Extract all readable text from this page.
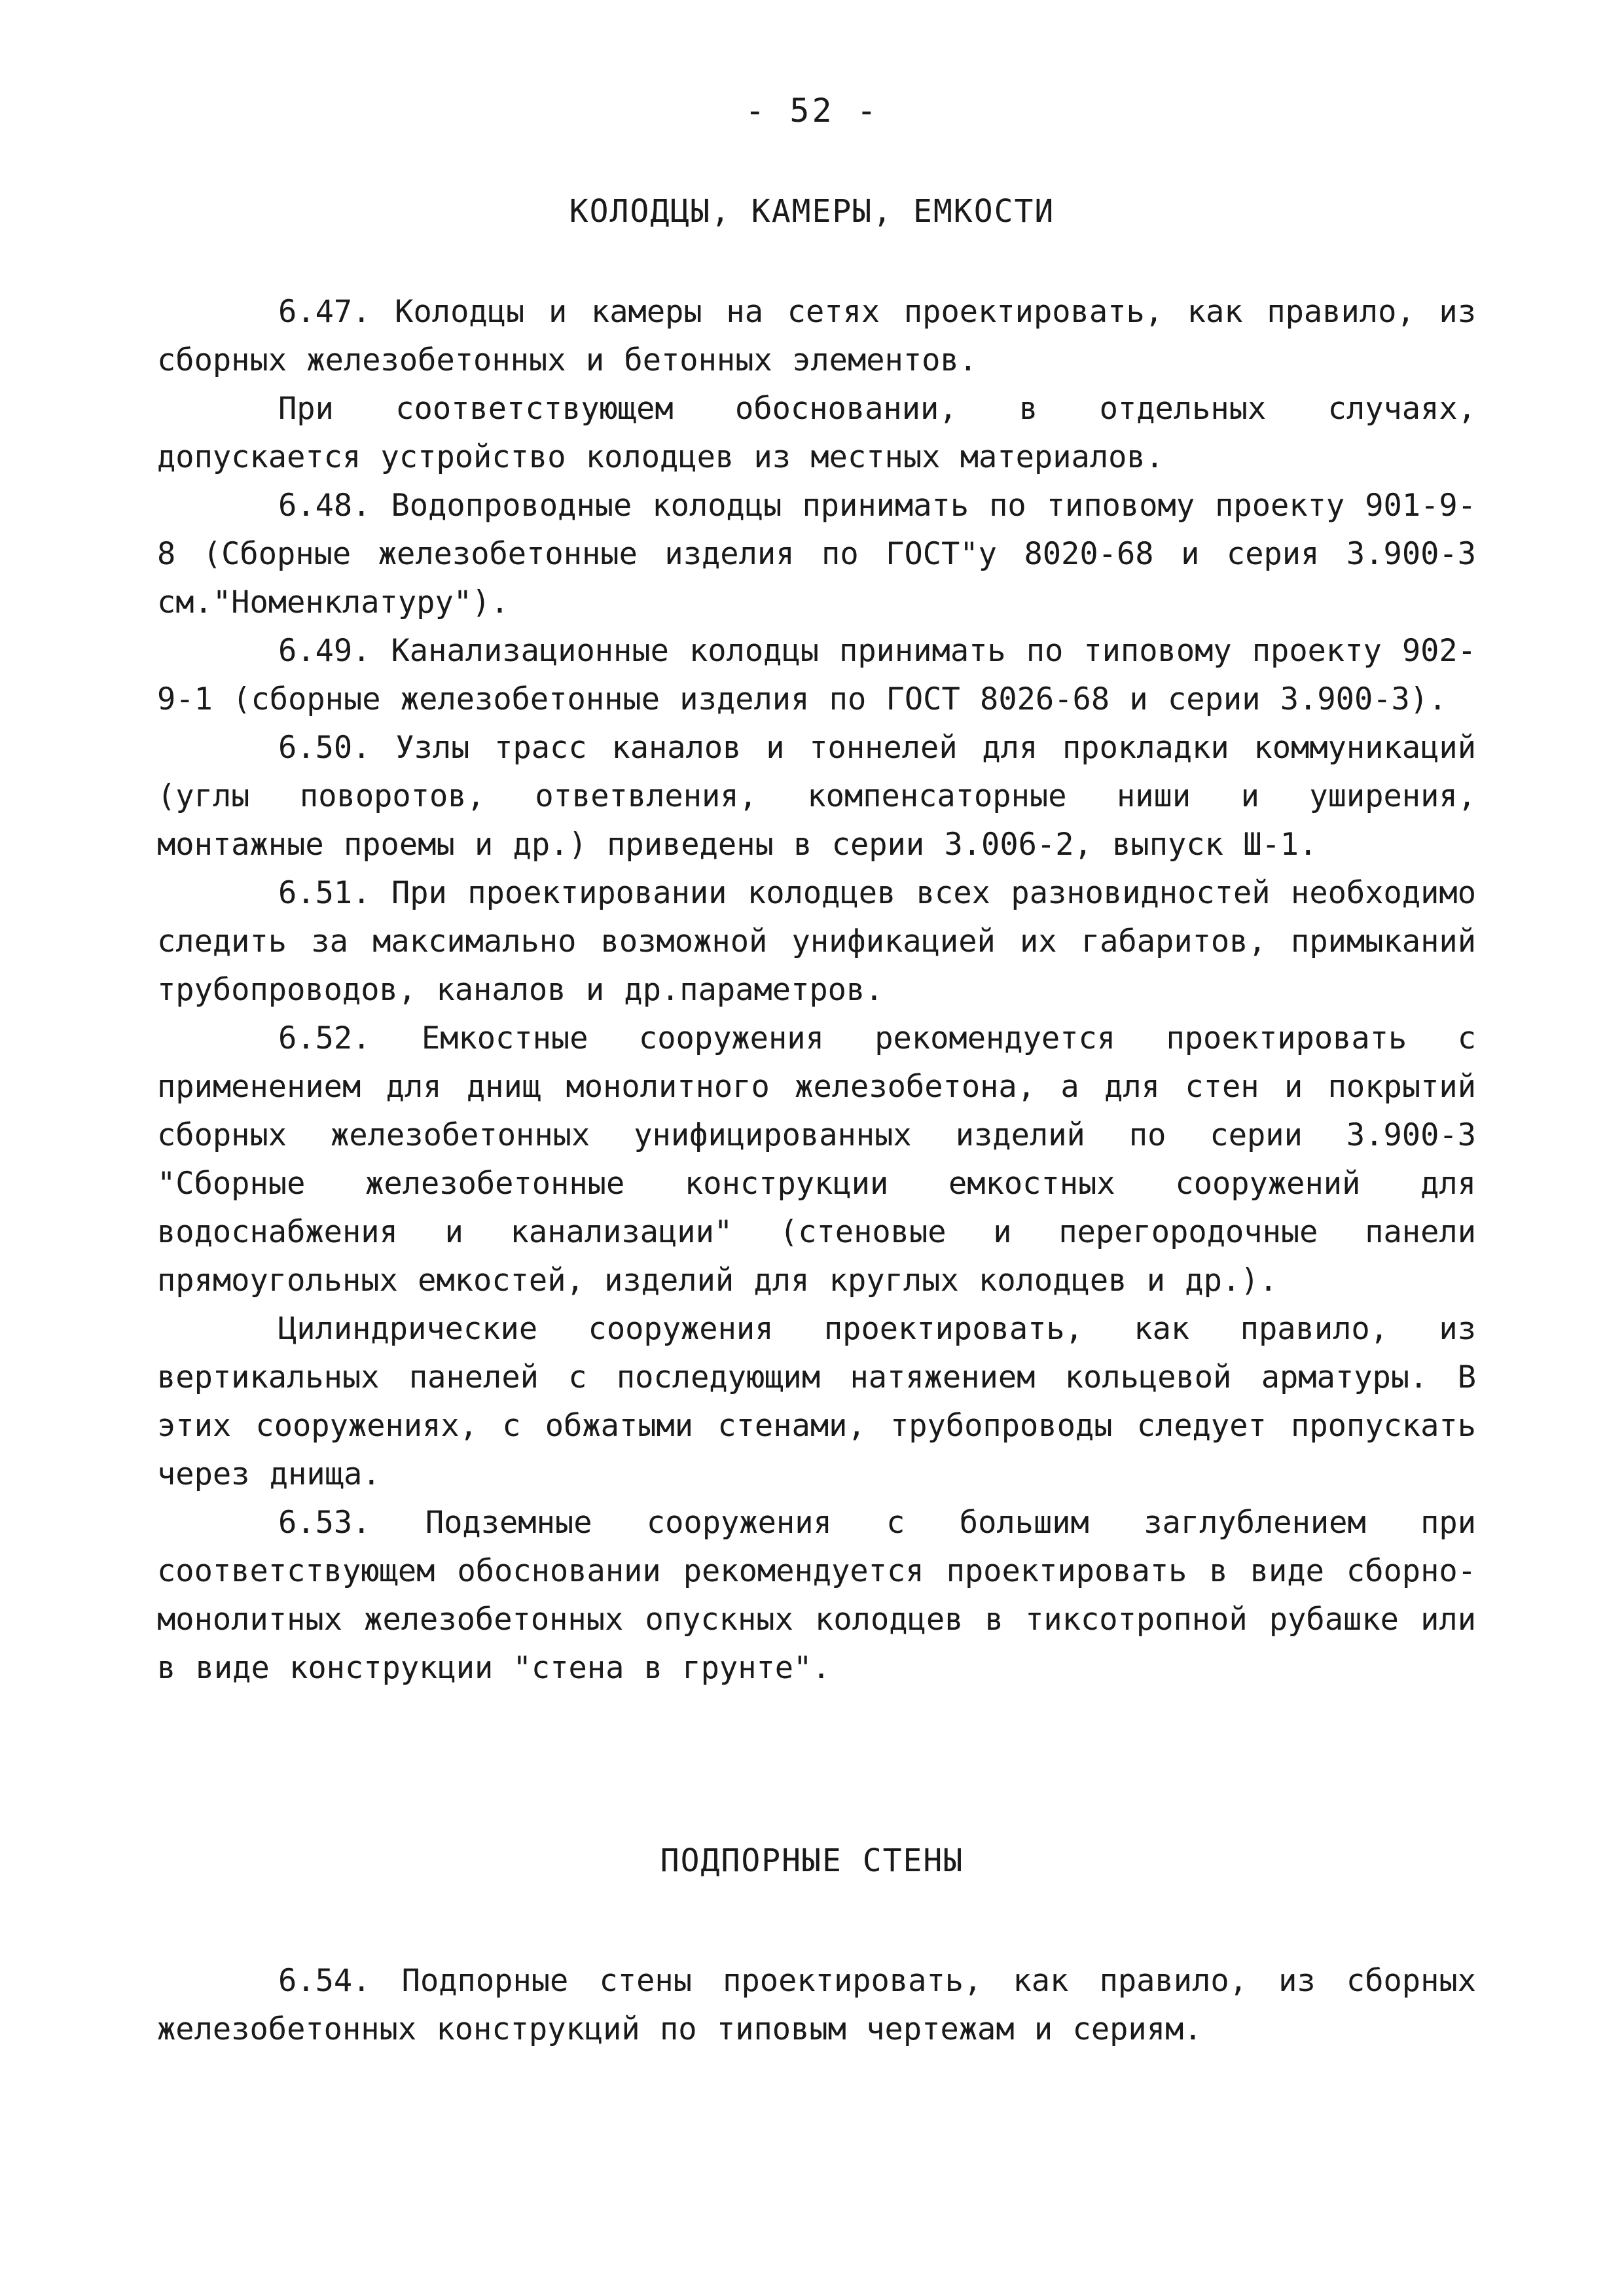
- 52 -
КОЛОДЦЫ, КАМЕРЫ, ЕМКОСТИ

6.47. Колодцы и камеры на сетях проектировать, как правило, из сборных железобетонных и бетонных элементов.

При соответствующем обосновании, в отдельных случаях, допускается устройство колодцев из местных материалов.

6.48. Водопроводные колодцы принимать по типовому проекту 901-9-8 (Сборные железобетонные изделия по ГОСТ"у 8020-68 и серия 3.900-3 см."Номенклатуру").

6.49. Канализационные колодцы принимать по типовому проекту 902-9-1 (сборные железобетонные изделия по ГОСТ 8026-68 и серии 3.900-3).

6.50. Узлы трасс каналов и тоннелей для прокладки коммуникаций (углы поворотов, ответвления, компенсаторные ниши и уширения, монтажные проемы и др.) приведены в серии 3.006-2, выпуск Ш-1.

6.51. При проектировании колодцев всех разновидностей необходимо следить за максимально возможной унификацией их габаритов, примыканий трубопроводов, каналов и др.параметров.

6.52. Емкостные сооружения рекомендуется проектировать с применением для днищ монолитного железобетона, а для стен и покрытий сборных железобетонных унифицированных изделий по серии 3.900-3 "Сборные железобетонные конструкции емкостных сооружений для водоснабжения и канализации" (стеновые и перегородочные панели прямоугольных емкостей, изделий для круглых колодцев и др.).

Цилиндрические сооружения проектировать, как правило, из вертикальных панелей с последующим натяжением кольцевой арматуры. В этих сооружениях, с обжатыми стенами, трубопроводы следует пропускать через днища.

6.53. Подземные сооружения с большим заглублением при соответствующем обосновании рекомендуется проектировать в виде сборно-монолитных железобетонных опускных колодцев в тиксотропной рубашке или в виде конструкции "стена в грунте".

ПОДПОРНЫЕ СТЕНЫ

6.54. Подпорные стены проектировать, как правило, из сборных железобетонных конструкций по типовым чертежам и сериям.
